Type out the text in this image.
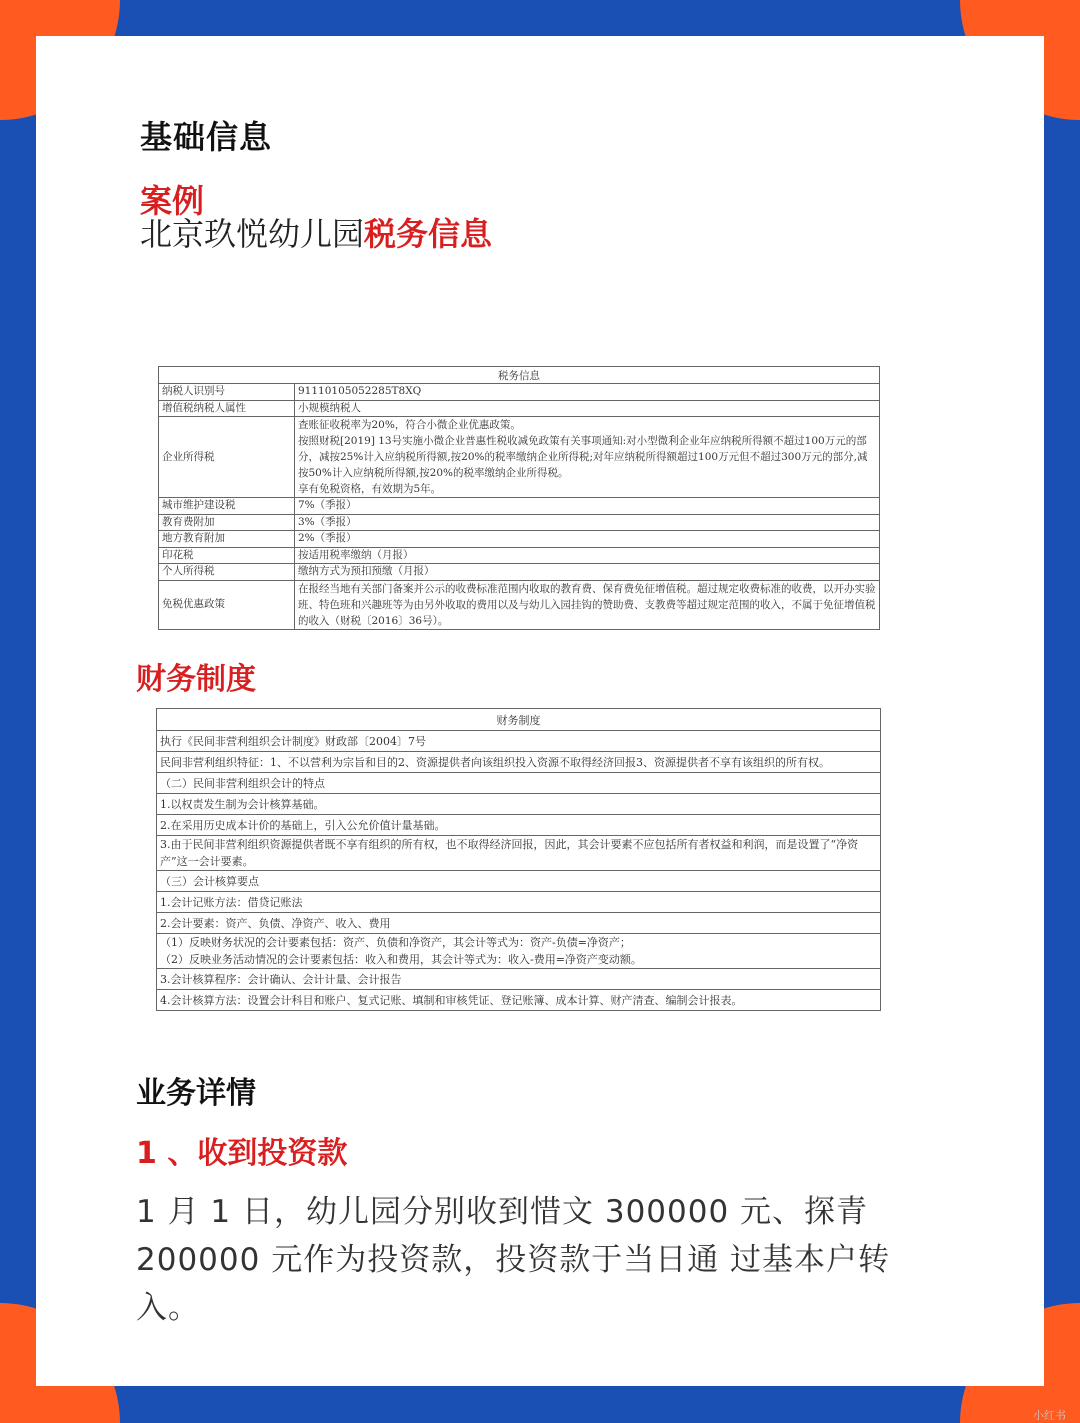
基础信息
案例
北京玖悦幼儿园税务信息
税务信息	
纳税人识别号	91110105052285T8XQ
增值税纳税人属性	小规模纳税人
企业所得税	查账征收税率为20%，符合小微企业优惠政策。
按照财税[2019] 13号实施小微企业普惠性税收减免政策有关事项通知:对小型微利企业年应纳税所得额不超过100万元的部分，减按25%计入应纳税所得额,按20%的税率缴纳企业所得税;对年应纳税所得额超过100万元但不超过300万元的部分,减按50%计入应纳税所得额,按20%的税率缴纳企业所得税。
享有免税资格，有效期为5年。

城市维护建设税	7%（季报）
教育费附加	3%（季报）
地方教育附加	2%（季报）
印花税	按适用税率缴纳（月报）
个人所得税	缴纳方式为预扣预缴（月报）
免税优惠政策	在报经当地有关部门备案并公示的收费标准范围内收取的教育费、保育费免征增值税。超过规定收费标准的收费，以开办实验班、特色班和兴趣班等为由另外收取的费用以及与幼儿入园挂钩的赞助费、支教费等超过规定范围的收入，不属于免征增值税的收入（财税〔2016〕36号）。
财务制度
财务制度
执行《民间非营利组织会计制度》财政部〔2004〕7号
民间非营利组织特征：1、不以营利为宗旨和目的2、资源提供者向该组织投入资源不取得经济回报3、资源提供者不享有该组织的所有权。
（二）民间非营利组织会计的特点
1.以权责发生制为会计核算基础。
2.在采用历史成本计价的基础上，引入公允价值计量基础。
3.由于民间非营利组织资源提供者既不享有组织的所有权，也不取得经济回报，因此，其会计要素不应包括所有者权益和利润，而是设置了“净资产”这一会计要素。
（三）会计核算要点
1.会计记账方法：借贷记账法
2.会计要素：资产、负债、净资产、收入、费用
（1）反映财务状况的会计要素包括：资产、负债和净资产，其会计等式为：资产-负债=净资产；
（2）反映业务活动情况的会计要素包括：收入和费用，其会计等式为：收入-费用=净资产变动额。
3.会计核算程序：会计确认、会计计量、会计报告
4.会计核算方法：设置会计科目和账户、复式记账、填制和审核凭证、登记账簿、成本计算、财产清查、编制会计报表。
业务详情
1 、收到投资款
1 月 1 日，幼儿园分别收到惜文 300000 元、探青 200000 元作为投资款，投资款于当日通 过基本户转入。
小红书
